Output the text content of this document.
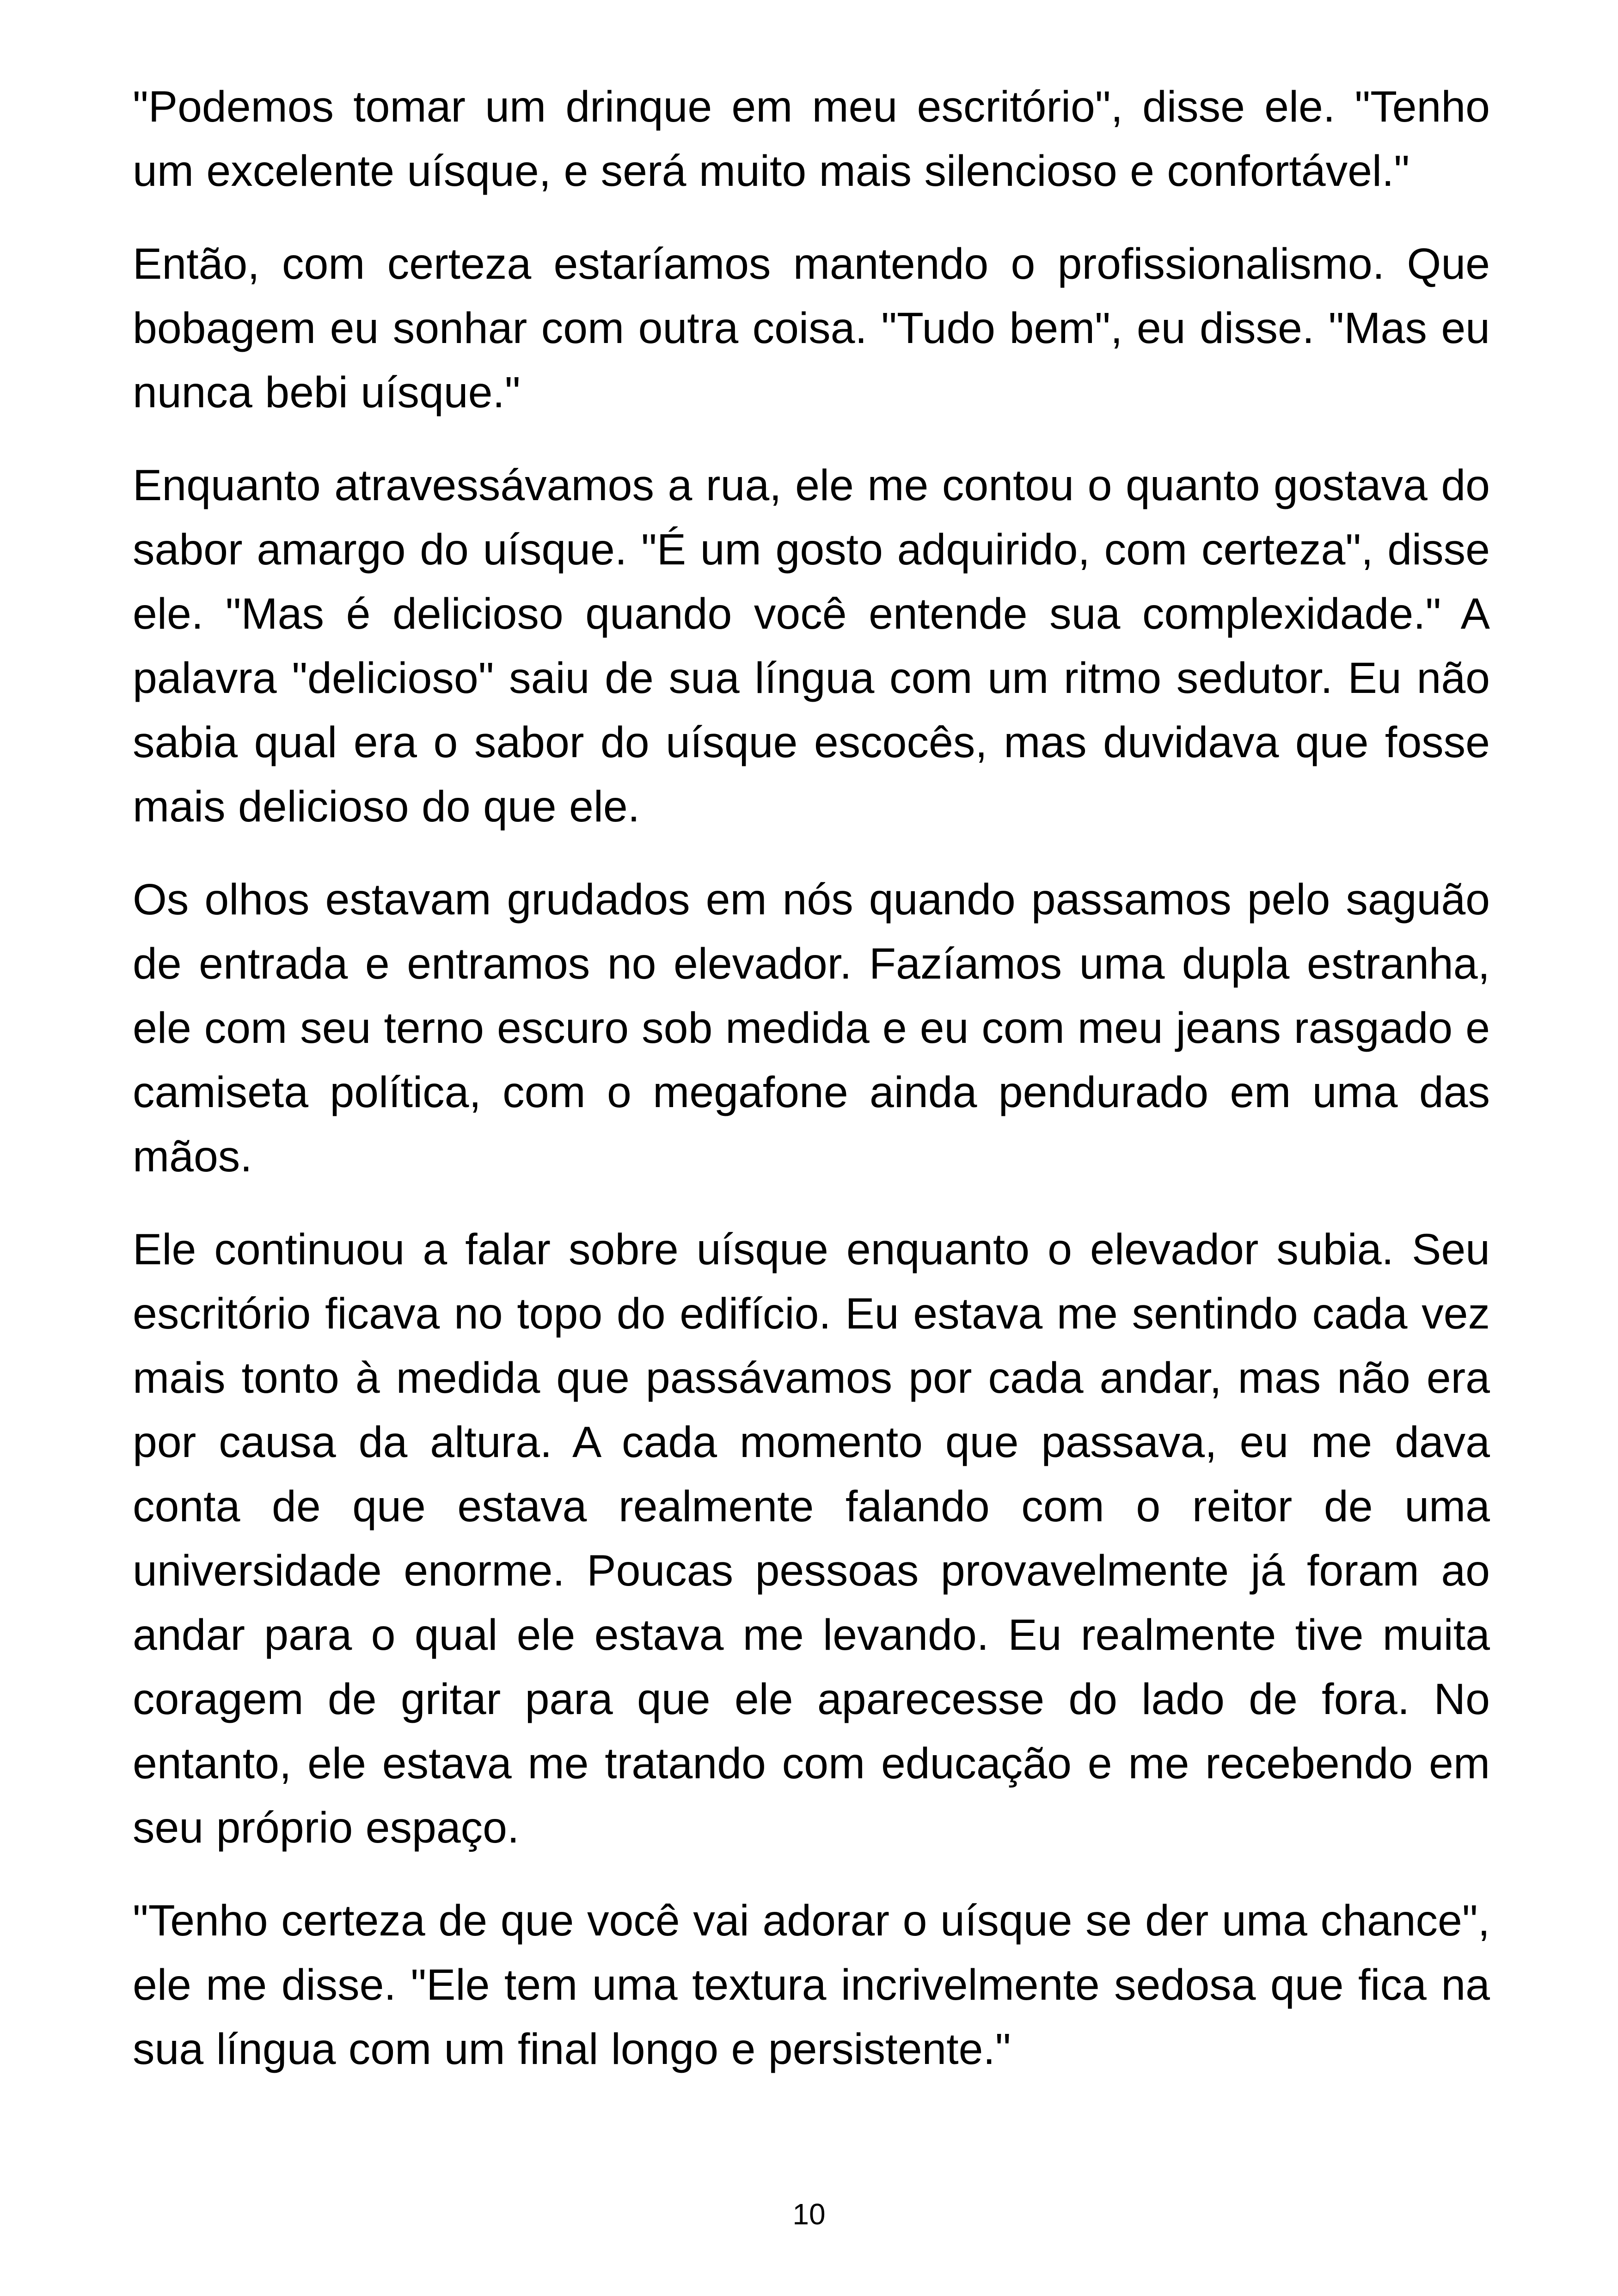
"Podemos tomar um drinque em meu escritório", disse ele. "Tenho um excelente uísque, e será muito mais silencioso e confortável."

Então, com certeza estaríamos mantendo o profissionalismo. Que bobagem eu sonhar com outra coisa. "Tudo bem", eu disse. "Mas eu nunca bebi uísque."

Enquanto atravessávamos a rua, ele me contou o quanto gostava do sabor amargo do uísque. "É um gosto adquirido, com certeza", disse ele. "Mas é delicioso quando você entende sua complexidade." A palavra "delicioso" saiu de sua língua com um ritmo sedutor. Eu não sabia qual era o sabor do uísque escocês, mas duvidava que fosse mais delicioso do que ele.

Os olhos estavam grudados em nós quando passamos pelo saguão de entrada e entramos no elevador. Fazíamos uma dupla estranha, ele com seu terno escuro sob medida e eu com meu jeans rasgado e camiseta política, com o megafone ainda pendurado em uma das mãos.

Ele continuou a falar sobre uísque enquanto o elevador subia. Seu escritório ficava no topo do edifício. Eu estava me sentindo cada vez mais tonto à medida que passávamos por cada andar, mas não era por causa da altura. A cada momento que passava, eu me dava conta de que estava realmente falando com o reitor de uma universidade enorme. Poucas pessoas provavelmente já foram ao andar para o qual ele estava me levando. Eu realmente tive muita coragem de gritar para que ele aparecesse do lado de fora. No entanto, ele estava me tratando com educação e me recebendo em seu próprio espaço.

"Tenho certeza de que você vai adorar o uísque se der uma chance", ele me disse. "Ele tem uma textura incrivelmente sedosa que fica na sua língua com um final longo e persistente."

10
